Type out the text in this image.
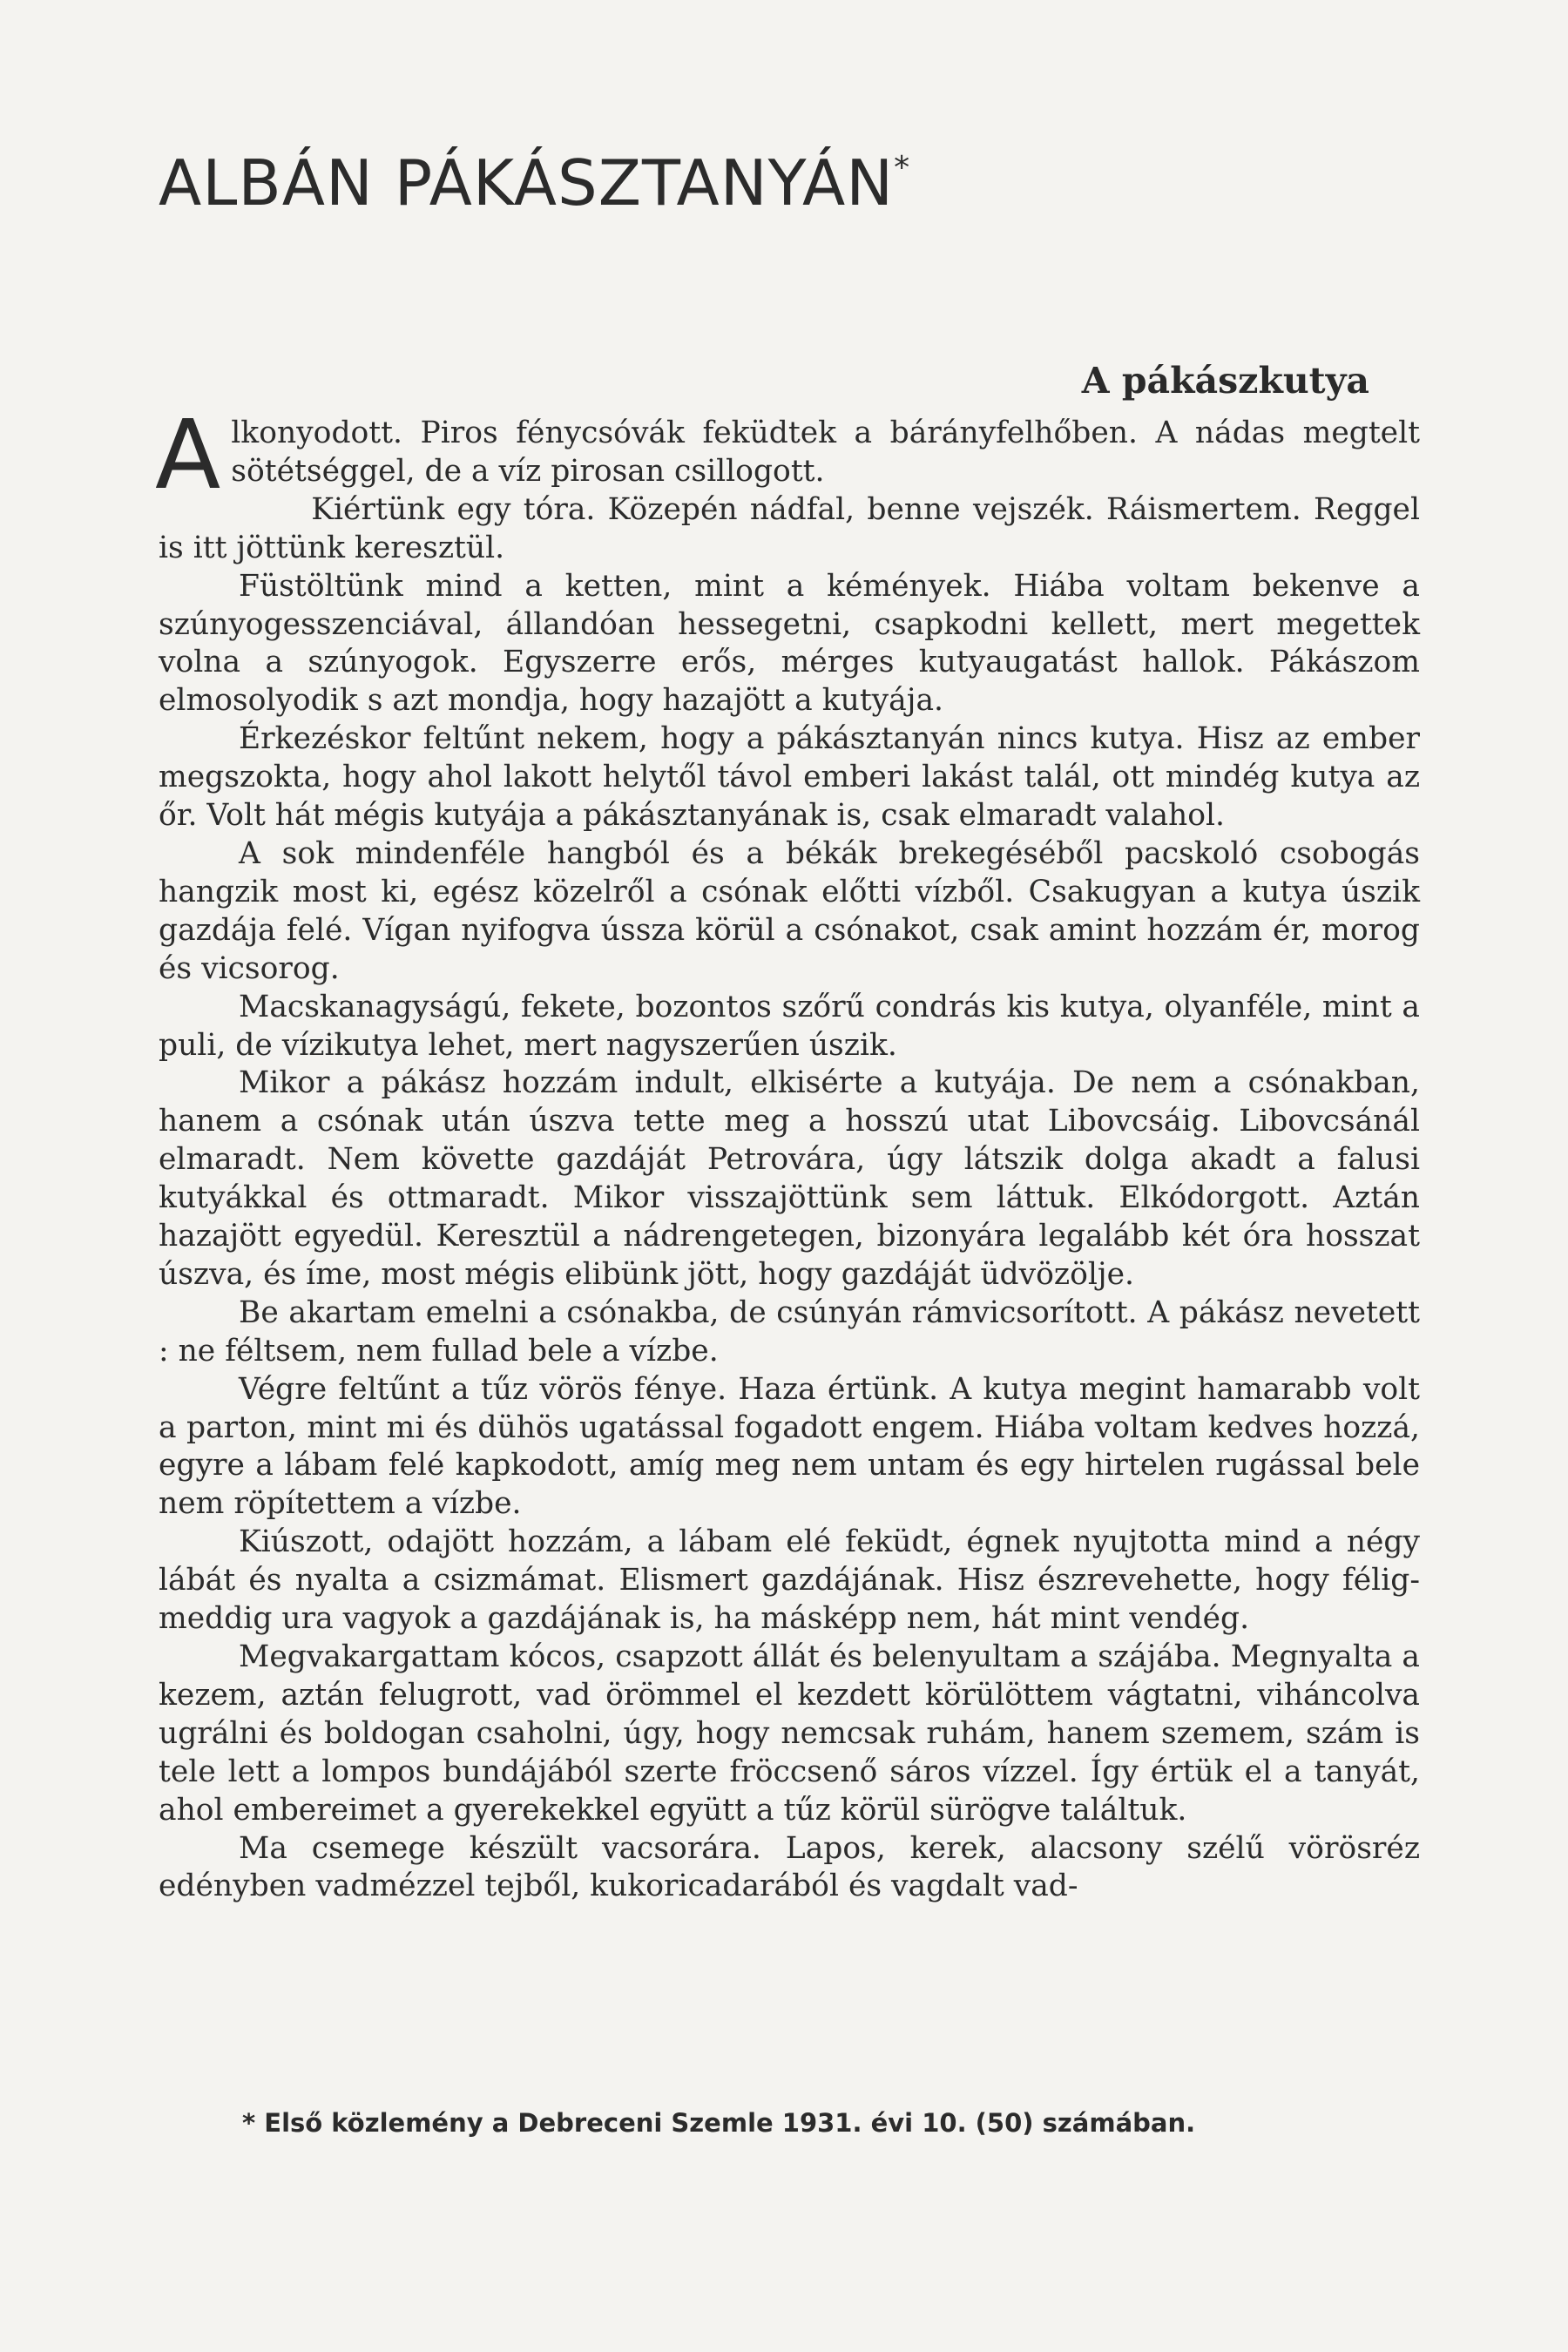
ALBÁN PÁKÁSZTANYÁN*
A pákászkutya

Alkonyodott. Piros fénycsóvák feküdtek a bárányfelhőben. A nádas megtelt sötétséggel, de a víz pirosan csillogott.

Kiértünk egy tóra. Közepén nádfal, benne vejszék. Ráismertem. Reggel is itt jöttünk keresztül.

Füstöltünk mind a ketten, mint a kémények. Hiába voltam bekenve a szúnyogesszenciával, állandóan hessegetni, csapkodni kellett, mert megettek volna a szúnyogok. Egyszerre erős, mérges kutyaugatást hallok. Pákászom elmosolyodik s azt mondja, hogy hazajött a kutyája.

Érkezéskor feltűnt nekem, hogy a pákásztanyán nincs kutya. Hisz az ember megszokta, hogy ahol lakott helytől távol emberi lakást talál, ott mindég kutya az őr. Volt hát mégis kutyája a pákásztanyának is, csak elmaradt valahol.

A sok mindenféle hangból és a békák brekegéséből pacskoló csobogás hangzik most ki, egész közelről a csónak előtti vízből. Csakugyan a kutya úszik gazdája felé. Vígan nyifogva ússza körül a csónakot, csak amint hozzám ér, morog és vicsorog.

Macskanagyságú, fekete, bozontos szőrű condrás kis kutya, olyanféle, mint a puli, de vízikutya lehet, mert nagyszerűen úszik.

Mikor a pákász hozzám indult, elkisérte a kutyája. De nem a csónakban, hanem a csónak után úszva tette meg a hosszú utat Libovcsáig. Libovcsánál elmaradt. Nem követte gazdáját Petrovára, úgy látszik dolga akadt a falusi kutyákkal és ottmaradt. Mikor visszajöttünk sem láttuk. Elkódorgott. Aztán hazajött egyedül. Keresztül a nádrengetegen, bizonyára legalább két óra hosszat úszva, és íme, most mégis elibünk jött, hogy gazdáját üdvözölje.

Be akartam emelni a csónakba, de csúnyán rámvicsorított. A pákász nevetett : ne féltsem, nem fullad bele a vízbe.

Végre feltűnt a tűz vörös fénye. Haza értünk. A kutya megint hamarabb volt a parton, mint mi és dühös ugatással fogadott engem. Hiába voltam kedves hozzá, egyre a lábam felé kapkodott, amíg meg nem untam és egy hirtelen rugással bele nem röpítettem a vízbe.

Kiúszott, odajött hozzám, a lábam elé feküdt, égnek nyujtotta mind a négy lábát és nyalta a csizmámat. Elismert gazdájának. Hisz észrevehette, hogy félig-meddig ura vagyok a gazdájának is, ha másképp nem, hát mint vendég.

Megvakargattam kócos, csapzott állát és belenyultam a szájába. Megnyalta a kezem, aztán felugrott, vad örömmel el kezdett körülöttem vágtatni, viháncolva ugrálni és boldogan csaholni, úgy, hogy nemcsak ruhám, hanem szemem, szám is tele lett a lompos bundájából szerte fröccsenő sáros vízzel. Így értük el a tanyát, ahol embereimet a gyerekekkel együtt a tűz körül sürögve találtuk.

Ma csemege készült vacsorára. Lapos, kerek, alacsony szélű vörösréz edényben vadmézzel tejből, kukoricadarából és vagdalt vad-

* Első közlemény a Debreceni Szemle 1931. évi 10. (50) számában.
